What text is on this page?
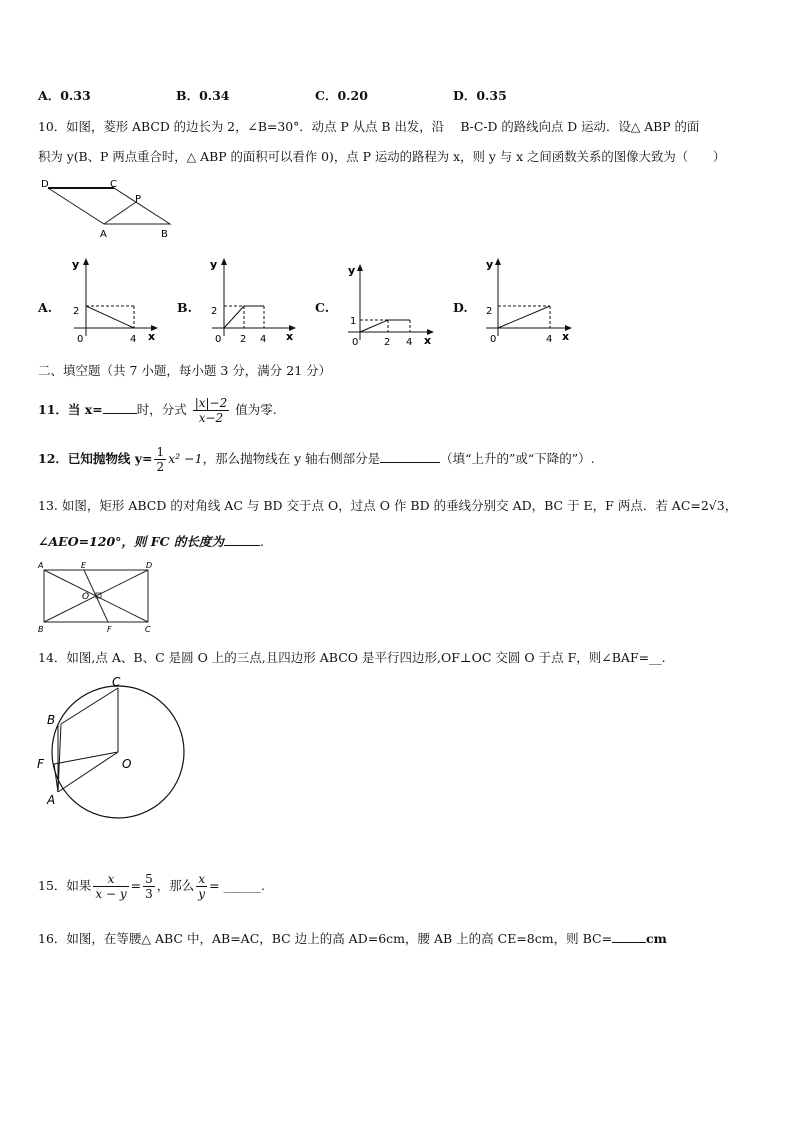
A．0.33	B．0.34	C．0.20	D．0.35
10．如图，菱形 ABCD 的边长为 2，∠B=30°．动点 P 从点 B 出发，沿　 B-C-D 的路线向点 D 运动．设△ ABP 的面
积为 y(B、P 两点重合时，△ ABP 的面积可以看作 0)，点 P 运动的路程为 x，则 y 与 x 之间函数关系的图像大致为（　　）
D	C
P
A	B
A.
y
x
2
4
0
B.
y
x
2
2 4
0
C.
y
x
1
2 4
0
D.
y
x
2
4
0
二、填空题（共 7 小题，每小题 3 分，满分 21 分）
11．当 x=	时，分式 $\frac{|x|-2}{x-2}$ 值为零.
12．已知抛物线 $y= \frac{1}{2} x^2 -1$，那么抛物线在 y 轴右侧部分是	（填“上升的”或“下降的”）.
13. 如图，矩形 ABCD 的对角线 AC 与 BD 交于点 O，过点 O 作 BD 的垂线分别交 AD，BC 于 E，F 两点．若 AC=2√3，
∠AEO=120°，则 FC 的长度为	.
A	E	D
O
B	F	C
14．如图,点 A、B、C 是圆 O 上的三点,且四边形 ABCO 是平行四边形,OF⊥OC 交圆 O 于点 F，则∠BAF=__.
C
B
F	O
A
15．如果 $\frac{x}{x - y} = \frac{5}{3}$ ，那么 $\frac{x}{y}$ = ______.
16．如图，在等腰△ ABC 中，AB=AC，BC 边上的高 AD=6cm，腰 AB 上的高 CE=8cm，则 BC=	cm
